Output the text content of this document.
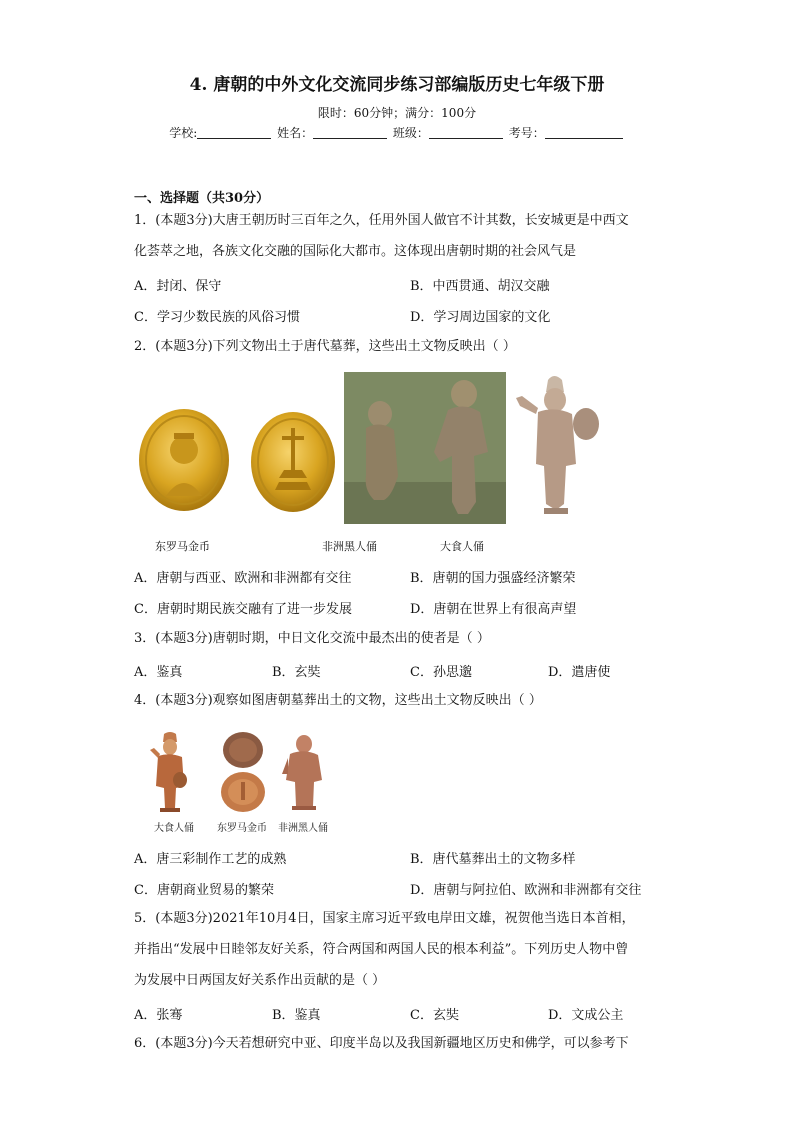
4. 唐朝的中外文化交流同步练习部编版历史七年级下册
限时：60分钟；满分：100分
学校:	姓名：	班级：	考号：
一、选择题（共30分）
1．(本题3分)大唐王朝历时三百年之久，任用外国人做官不计其数，长安城更是中西文
化荟萃之地，各族文化交融的国际化大都市。这体现出唐朝时期的社会风气是
A．封闭、保守	B．中西贯通、胡汉交融
C．学习少数民族的风俗习惯	D．学习周边国家的文化
2．(本题3分)下列文物出土于唐代墓葬，这些出土文物反映出（ ）
东罗马金币	非洲黑人俑	大食人俑
A．唐朝与西亚、欧洲和非洲都有交往	B．唐朝的国力强盛经济繁荣
C．唐朝时期民族交融有了进一步发展	D．唐朝在世界上有很高声望
3．(本题3分)唐朝时期，中日文化交流中最杰出的使者是（ ）
A．鉴真	B．玄奘	C．孙思邈	D．遣唐使
4．(本题3分)观察如图唐朝墓葬出土的文物，这些出土文物反映出（ ）
大食人俑 东罗马金币 非洲黑人俑
A．唐三彩制作工艺的成熟	B．唐代墓葬出土的文物多样
C．唐朝商业贸易的繁荣	D．唐朝与阿拉伯、欧洲和非洲都有交往
5．(本题3分)2021年10月4日，国家主席习近平致电岸田文雄，祝贺他当选日本首相，
并指出“发展中日睦邻友好关系，符合两国和两国人民的根本利益”。下列历史人物中曾
为发展中日两国友好关系作出贡献的是（ ）
A．张骞	B．鉴真	C．玄奘	D．文成公主
6．(本题3分)今天若想研究中亚、印度半岛以及我国新疆地区历史和佛学，可以参考下
